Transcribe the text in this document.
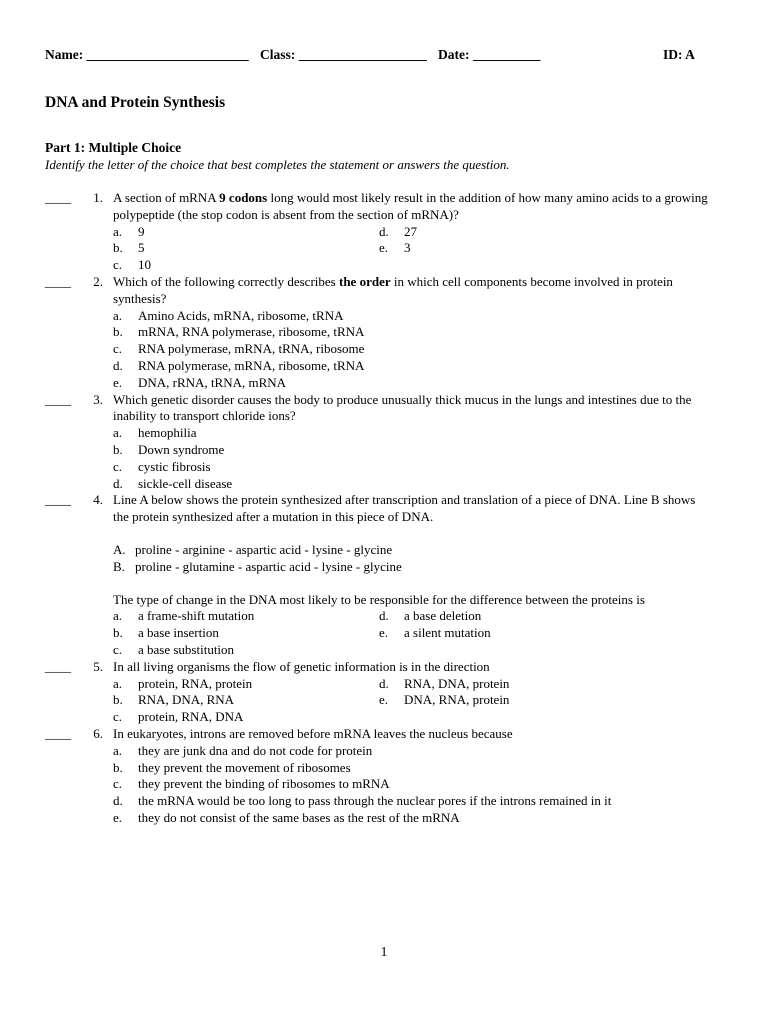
Name: ________________________ Class: ___________________ Date: __________	ID: A
DNA and Protein Synthesis
Part 1: Multiple Choice

Identify the letter of the choice that best completes the statement or answers the question.

____	1. A section of mRNA 9 codons long would most likely result in the addition of how many amino acids to a growing polypeptide (the stop codon is absent from the section of mRNA)?

a. 9
b. 5
c. 10
d. 27
e. 3
____	2. Which of the following correctly describes the order in which cell components become involved in protein synthesis?

a. Amino Acids, mRNA, ribosome, tRNA
b. mRNA, RNA polymerase, ribosome, tRNA
c. RNA polymerase, mRNA, tRNA, ribosome
d. RNA polymerase, mRNA, ribosome, tRNA
e. DNA, rRNA, tRNA, mRNA
____	3. Which genetic disorder causes the body to produce unusually thick mucus in the lungs and intestines due to the inability to transport chloride ions?

a. hemophilia
b. Down syndrome
c. cystic fibrosis
d. sickle-cell disease
____	4. Line A below shows the protein synthesized after transcription and translation of a piece of DNA. Line B shows the protein synthesized after a mutation in this piece of DNA.

A. proline - arginine - aspartic acid - lysine - glycine

B. proline - glutamine - aspartic acid - lysine - glycine

The type of change in the DNA most likely to be responsible for the difference between the proteins is

a. a frame-shift mutation
b. a base insertion
c. a base substitution
d. a base deletion
e. a silent mutation
____	5. In all living organisms the flow of genetic information is in the direction

a. protein, RNA, protein
b. RNA, DNA, RNA
c. protein, RNA, DNA
d. RNA, DNA, protein
e. DNA, RNA, protein
____	6. In eukaryotes, introns are removed before mRNA leaves the nucleus because

a. they are junk dna and do not code for protein
b. they prevent the movement of ribosomes
c. they prevent the binding of ribosomes to mRNA
d. the mRNA would be too long to pass through the nuclear pores if the introns remained in it
e. they do not consist of the same bases as the rest of the mRNA
1
